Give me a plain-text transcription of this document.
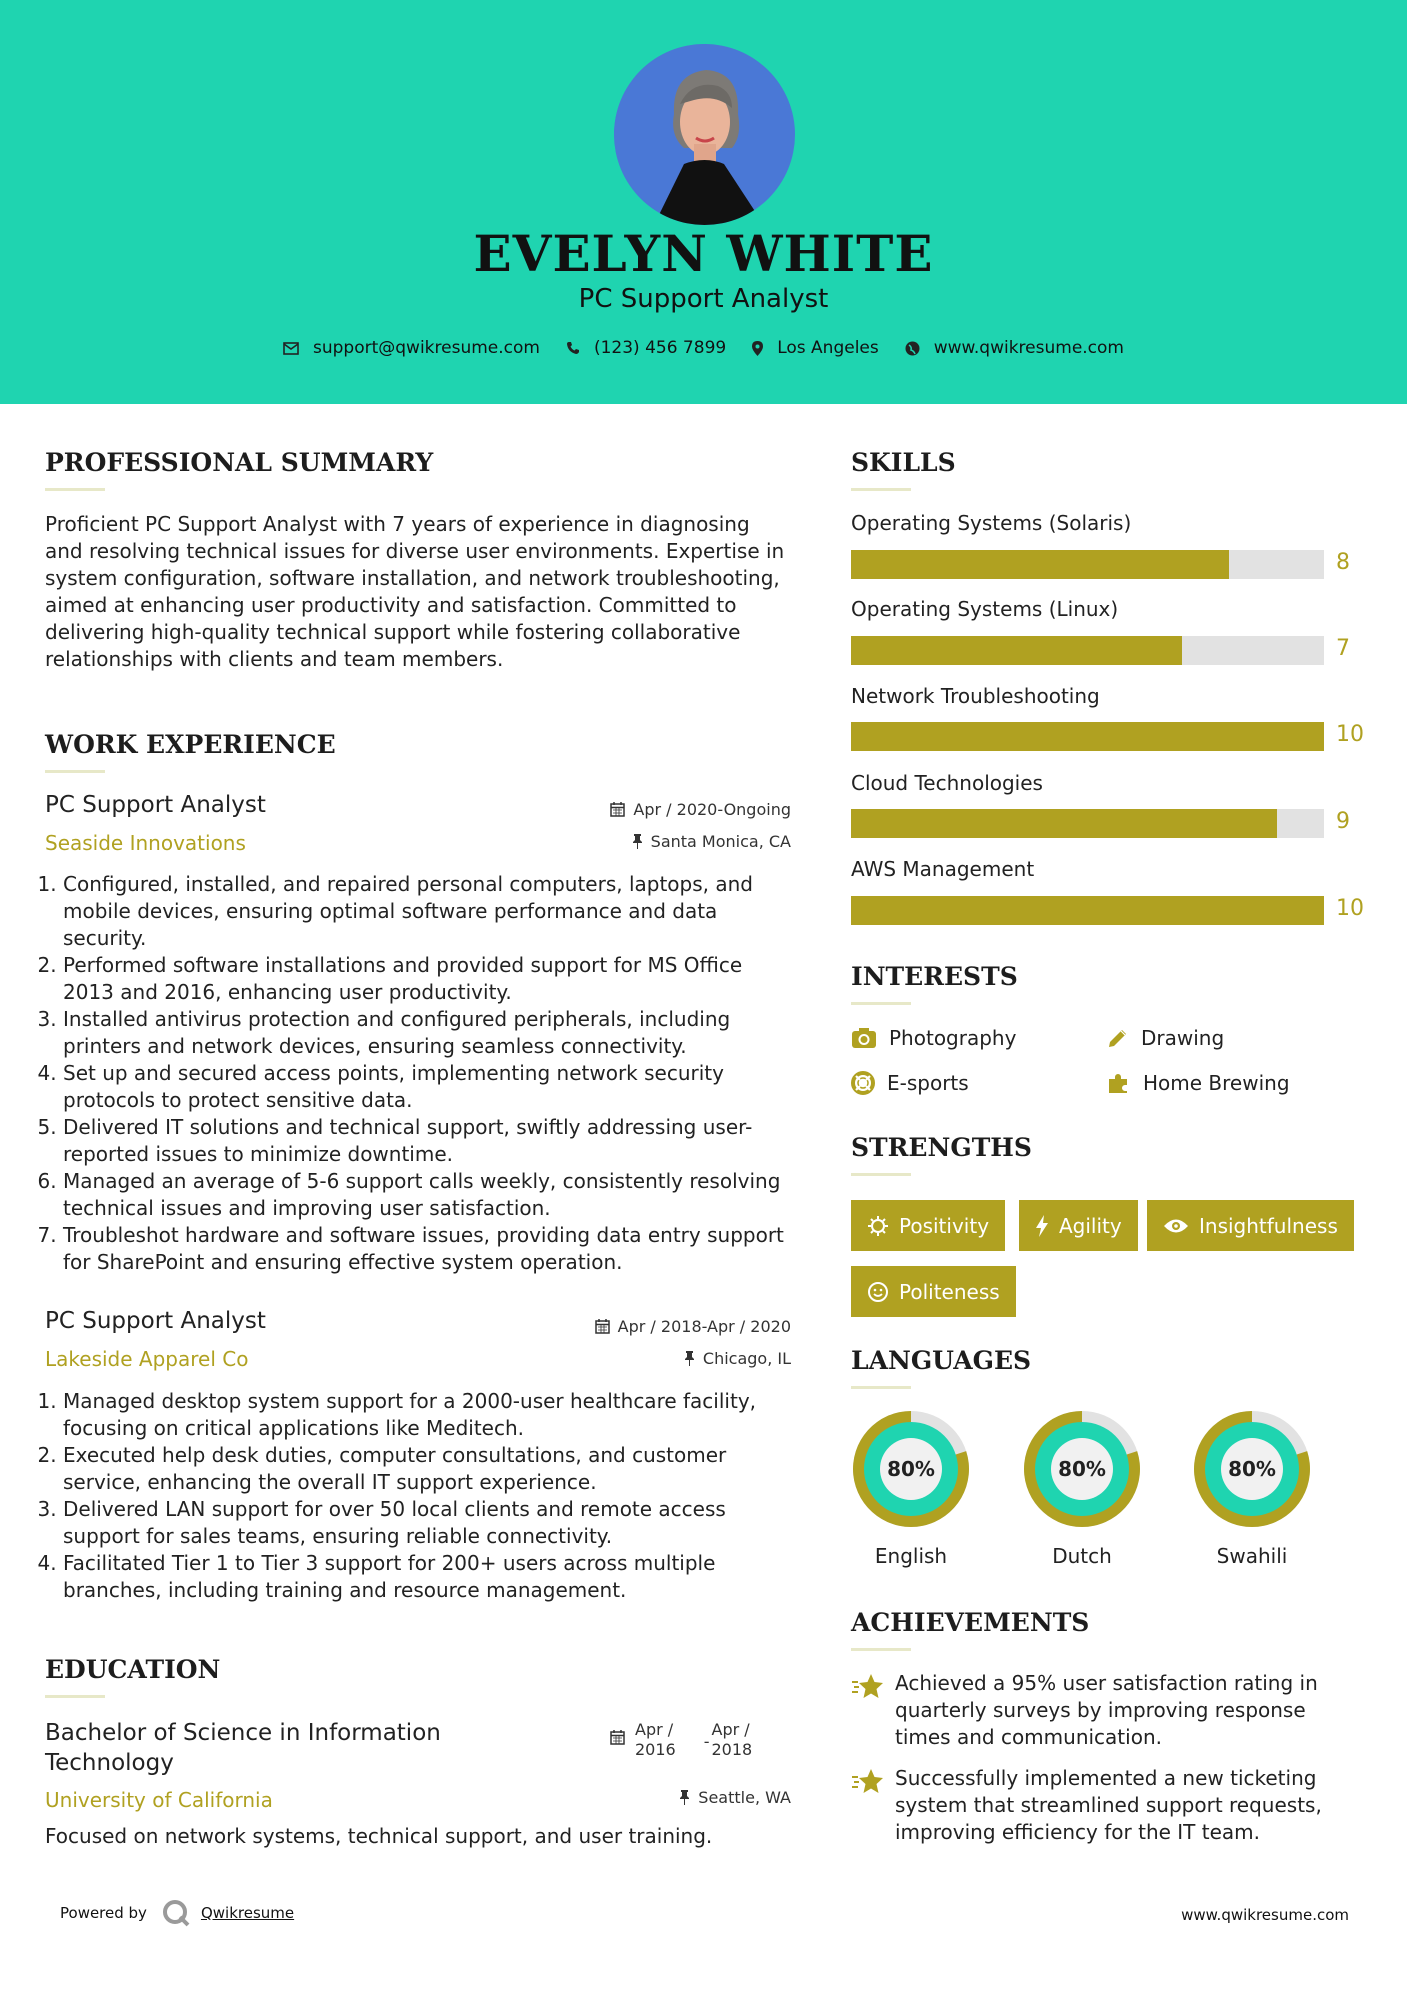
EVELYN WHITE
PC Support Analyst
support@qwikresume.com	(123) 456 7899	Los Angeles	www.qwikresume.com
PROFESSIONAL SUMMARY
Proficient PC Support Analyst with 7 years of experience in diagnosing and resolving technical issues for diverse user environments. Expertise in system configuration, software installation, and network troubleshooting, aimed at enhancing user productivity and satisfaction. Committed to delivering high-quality technical support while fostering collaborative relationships with clients and team members.
WORK EXPERIENCE
PC Support Analyst
Seaside Innovations
Apr / 2020-Ongoing
Santa Monica, CA
1. Configured, installed, and repaired personal computers, laptops, and mobile devices, ensuring optimal software performance and data security.
2. Performed software installations and provided support for MS Office 2013 and 2016, enhancing user productivity.
3. Installed antivirus protection and configured peripherals, including printers and network devices, ensuring seamless connectivity.
4. Set up and secured access points, implementing network security protocols to protect sensitive data.
5. Delivered IT solutions and technical support, swiftly addressing user-reported issues to minimize downtime.
6. Managed an average of 5-6 support calls weekly, consistently resolving technical issues and improving user satisfaction.
7. Troubleshot hardware and software issues, providing data entry support for SharePoint and ensuring effective system operation.
PC Support Analyst
Lakeside Apparel Co
Apr / 2018-Apr / 2020
Chicago, IL
1. Managed desktop system support for a 2000-user healthcare facility, focusing on critical applications like Meditech.
2. Executed help desk duties, computer consultations, and customer service, enhancing the overall IT support experience.
3. Delivered LAN support for over 50 local clients and remote access support for sales teams, ensuring reliable connectivity.
4. Facilitated Tier 1 to Tier 3 support for 200+ users across multiple branches, including training and resource management.
EDUCATION
Bachelor of Science in Information Technology
University of California
Apr /
2016 -
Apr /
2018
Seattle, WA
Focused on network systems, technical support, and user training.
SKILLS
Operating Systems (Solaris)
8
Operating Systems (Linux)
7
Network Troubleshooting
10
Cloud Technologies
9
AWS Management
10
INTERESTS
Photography	Drawing
E-sports	Home Brewing
STRENGTHS
Positivity	Agility	Insightfulness
Politeness
LANGUAGES
80%
English
80%
Dutch
80%
Swahili
ACHIEVEMENTS
Achieved a 95% user satisfaction rating in quarterly surveys by improving response times and communication.
Successfully implemented a new ticketing system that streamlined support requests, improving efficiency for the IT team.
Powered by	Qwikresume	www.qwikresume.com
